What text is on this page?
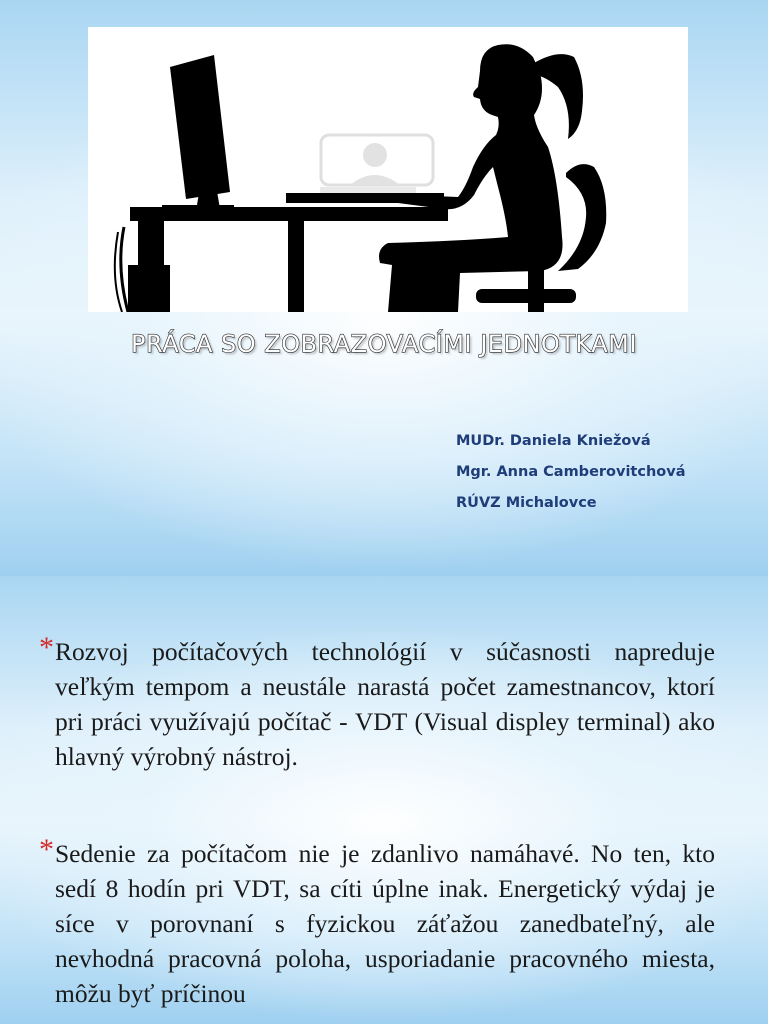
PRÁCA SO ZOBRAZOVACÍMI JEDNOTKAMI
MUDr. Daniela Kniežová
Mgr. Anna Camberovitchová
RÚVZ Michalovce
* Rozvoj počítačových technológií v súčasnosti napreduje veľkým tempom a neustále narastá počet zamestnancov, ktorí pri práci využívajú počítač - VDT (Visual displey terminal) ako hlavný výrobný nástroj.
* Sedenie za počítačom nie je zdanlivo namáhavé. No ten, kto sedí 8 hodín pri VDT, sa cíti úplne inak. Energetický výdaj je síce v porovnaní s fyzickou záťažou zanedbateľný, ale nevhodná pracovná poloha, usporiadanie pracovného miesta, môžu byť príčinou
